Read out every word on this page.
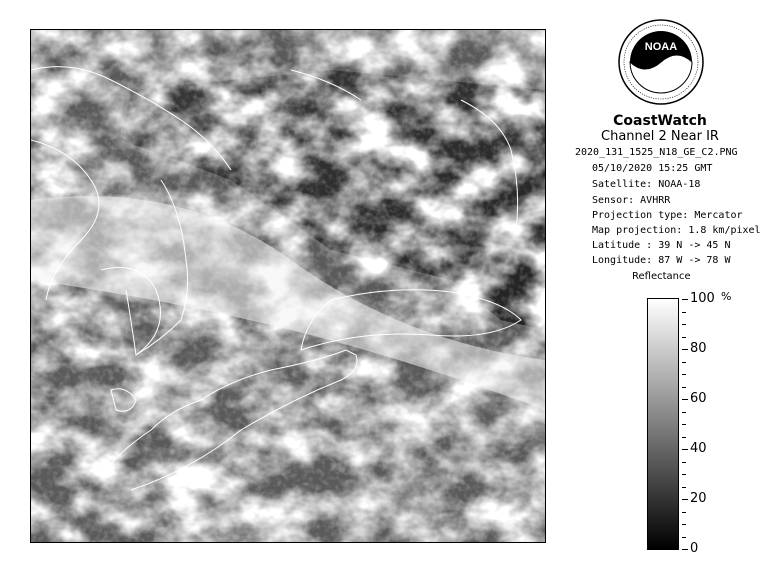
NOAA
CoastWatch
Channel 2 Near IR
2020_131_1525_N18_GE_C2.PNG
05/10/2020 15:25 GMT
Satellite: NOAA-18
Sensor: AVHRR
Projection type: Mercator
Map projection: 1.8 km/pixel
Latitude : 39 N -> 45 N
Longitude: 87 W -> 78 W
Reflectance
%
100
80
60
40
20
0
